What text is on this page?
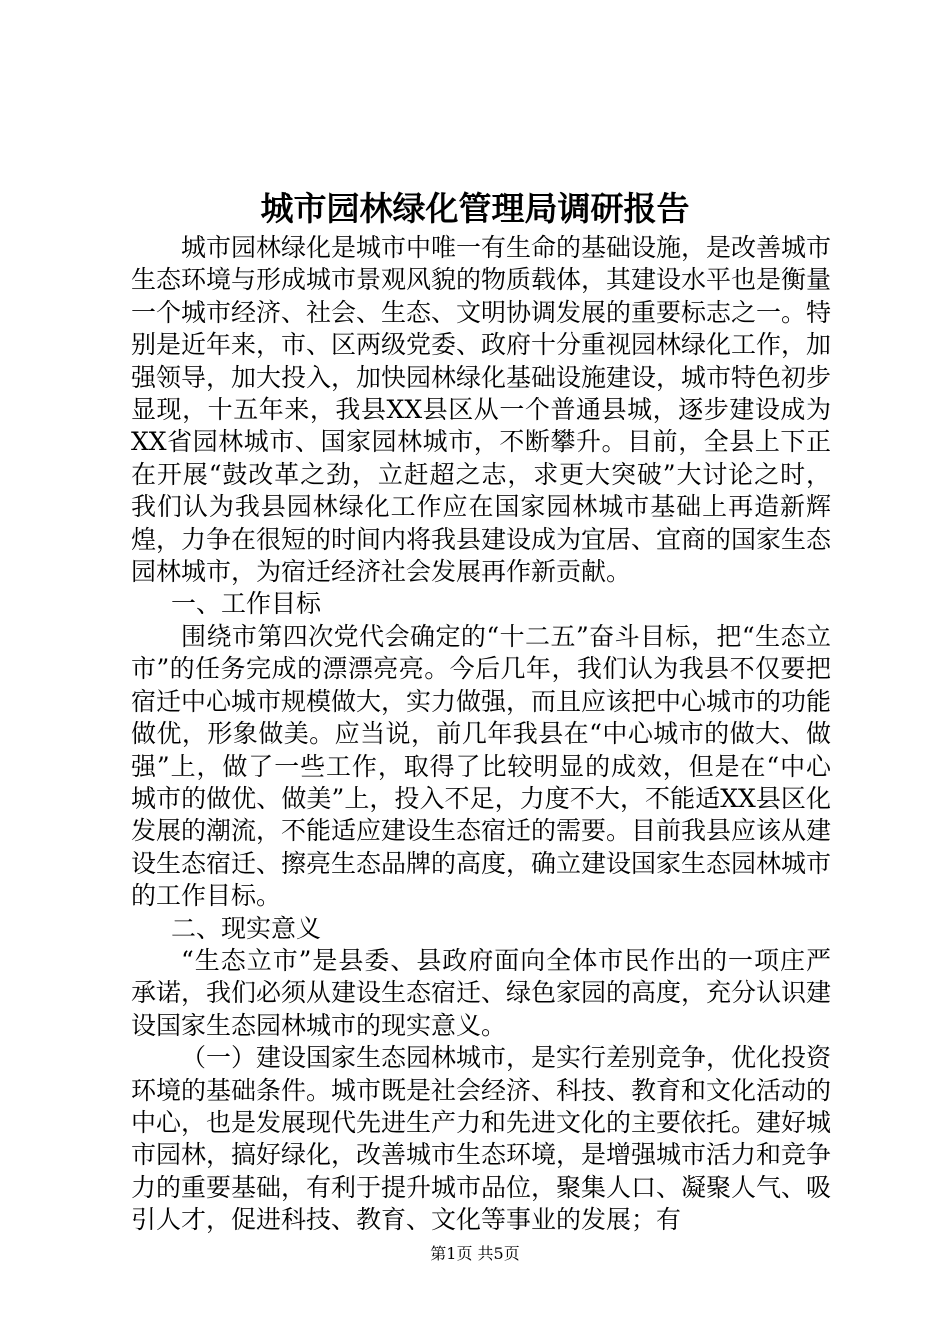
城市园林绿化管理局调研报告

城市园林绿化是城市中唯一有生命的基础设施，是改善城市生态环境与形成城市景观风貌的物质载体，其建设水平也是衡量一个城市经济、社会、生态、文明协调发展的重要标志之一。特别是近年来，市、区两级党委、政府十分重视园林绿化工作，加强领导，加大投入，加快园林绿化基础设施建设，城市特色初步显现，十五年来，我县XX县区从一个普通县城，逐步建设成为XX省园林城市、国家园林城市，不断攀升。目前，全县上下正在开展“鼓改革之劲，立赶超之志，求更大突破”大讨论之时，我们认为我县园林绿化工作应在国家园林城市基础上再造新辉煌，力争在很短的时间内将我县建设成为宜居、宜商的国家生态园林城市，为宿迁经济社会发展再作新贡献。

一、工作目标

围绕市第四次党代会确定的“十二五”奋斗目标，把“生态立市”的任务完成的漂漂亮亮。今后几年，我们认为我县不仅要把宿迁中心城市规模做大，实力做强，而且应该把中心城市的功能做优，形象做美。应当说，前几年我县在“中心城市的做大、做强”上，做了一些工作，取得了比较明显的成效，但是在“中心城市的做优、做美”上，投入不足，力度不大，不能适XX县区化发展的潮流，不能适应建设生态宿迁的需要。目前我县应该从建设生态宿迁、擦亮生态品牌的高度，确立建设国家生态园林城市的工作目标。

二、现实意义

“生态立市”是县委、县政府面向全体市民作出的一项庄严承诺，我们必须从建设生态宿迁、绿色家园的高度，充分认识建设国家生态园林城市的现实意义。

（一）建设国家生态园林城市，是实行差别竞争，优化投资环境的基础条件。城市既是社会经济、科技、教育和文化活动的中心，也是发展现代先进生产力和先进文化的主要依托。建好城市园林，搞好绿化，改善城市生态环境，是增强城市活力和竞争力的重要基础，有利于提升城市品位，聚集人口、凝聚人气、吸引人才，促进科技、教育、文化等事业的发展；有

第1页 共5页
